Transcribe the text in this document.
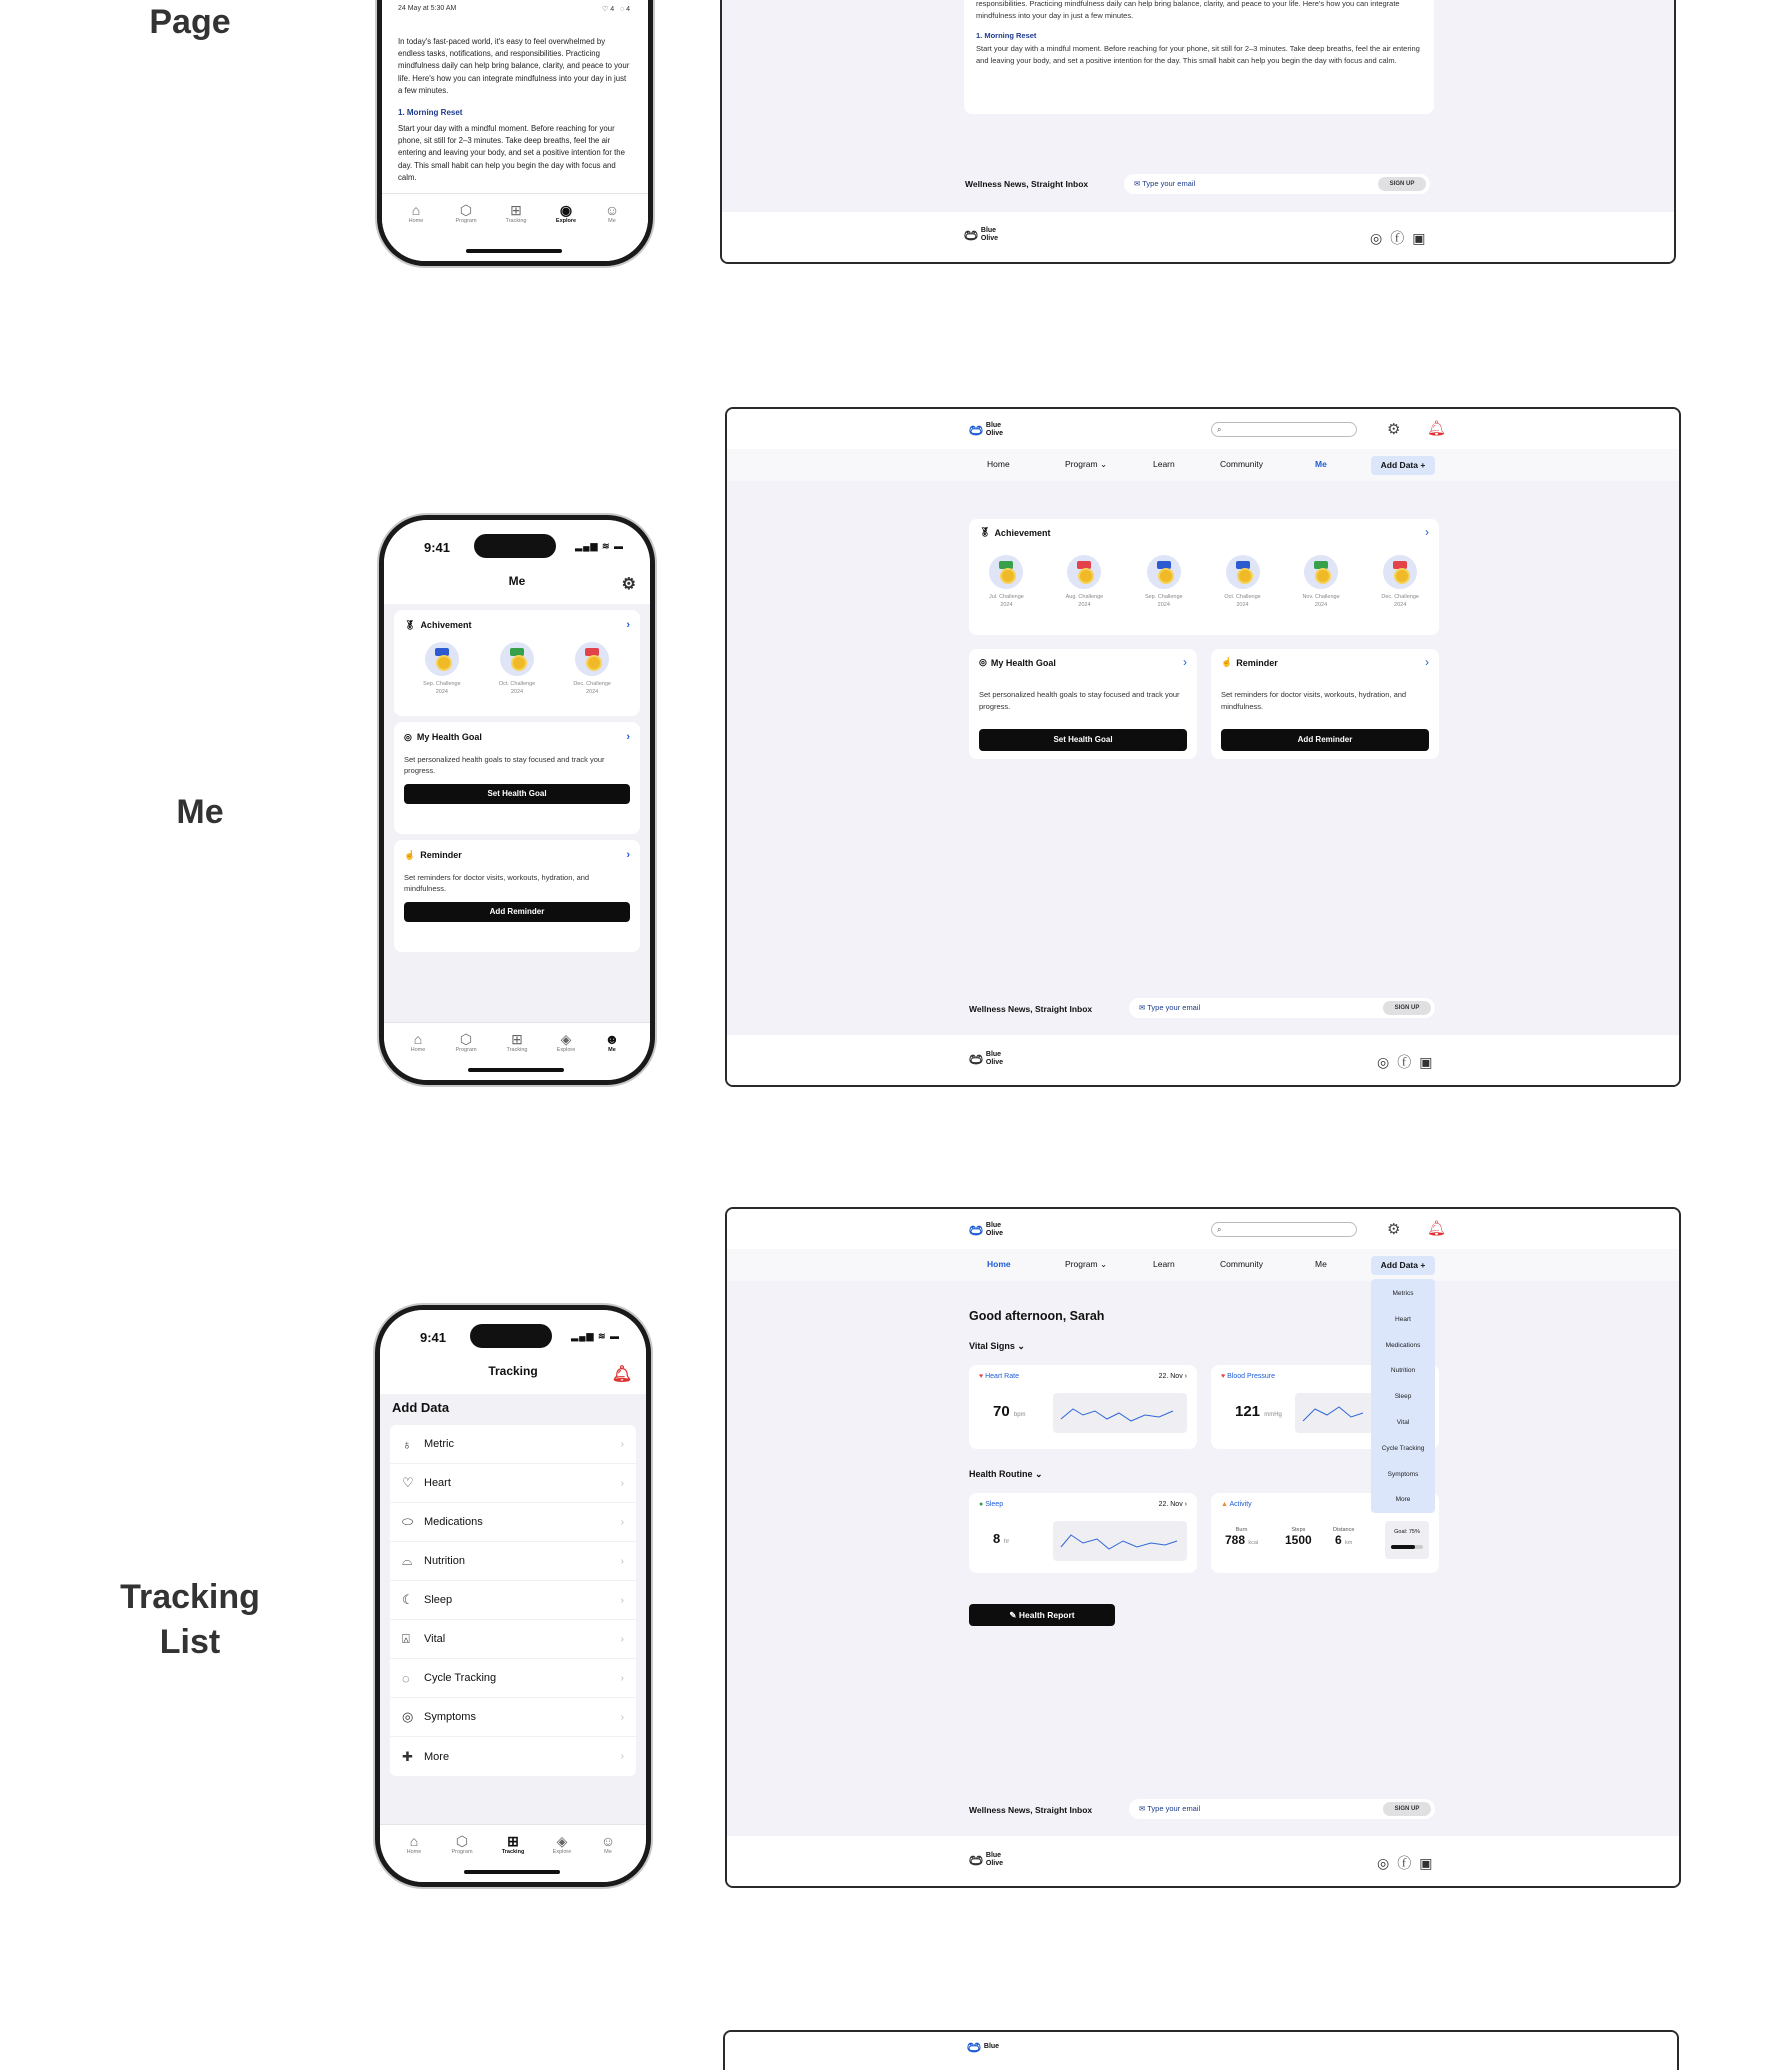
Page
Me
Tracking List
24 May at 5:30 AM	♡ 4 ◌ 4
In today's fast-paced world, it's easy to feel overwhelmed by endless tasks, notifications, and responsibilities. Practicing mindfulness daily can help bring balance, clarity, and peace to your life. Here's how you can integrate mindfulness into your day in just a few minutes.
1. Morning Reset
Start your day with a mindful moment. Before reaching for your phone, sit still for 2–3 minutes. Take deep breaths, feel the air entering and leaving your body, and set a positive intention for the day. This small habit can help you begin the day with focus and calm.
⌂
Home
⬡
Program
⊞
Tracking
◉
Explore
☺
Me
responsibilities. Practicing mindfulness daily can help bring balance, clarity, and peace to your life. Here's how you can integrate mindfulness into your day in just a few minutes.
1. Morning Reset
Start your day with a mindful moment. Before reaching for your phone, sit still for 2–3 minutes. Take deep breaths, feel the air entering and leaving your body, and set a positive intention for the day. This small habit can help you begin the day with focus and calm.
Wellness News, Straight Inbox	✉ Type your email	SIGN UP
ඏ Blue
Olive	◎ⓕ▣
9:41	▂▄▆ ≋ ▬
Me	⚙
🏅︎ Achivement	›
Sep. Challenge
2024
Oct. Challenge
2024
Dec. Challenge
2024
◎ My Health Goal	›
Set personalized health goals to stay focused and track your progress.
Set Health Goal
☝ Reminder	›
Set reminders for doctor visits, workouts, hydration, and mindfulness.
Add Reminder
⌂
Home
⬡
Program
⊞
Tracking
◈
Explore
☻
Me
ඏ Blue
Olive	⌕	⚙ 🔔︎
Home	Program ⌄	Learn	Community	Me	Add Data +
🏅︎ Achievement	›
Jul. Challenge
2024
Aug. Challenge
2024
Sep. Challenge
2024
Oct. Challenge
2024
Nov. Challenge
2024
Dec. Challenge
2024
◎ My Health Goal	›
Set personalized health goals to stay focused and track your progress.
Set Health Goal
☝ Reminder	›
Set reminders for doctor visits, workouts, hydration, and mindfulness.
Add Reminder
Wellness News, Straight Inbox	✉ Type your email	SIGN UP
ඏ Blue
Olive	◎ⓕ▣
9:41	▂▄▆ ≋ ▬
Tracking	🔔︎
Add Data
♁	Metric	›
♡ Heart	›
⬭ Medications	›
⌓	Nutrition	›
☾ Sleep	›
⍓	Vital	›
◌	Cycle Tracking	›
◎ Symptoms	›
✚	More	›
⌂
Home
⬡
Program
⊞
Tracking
◈
Explore
☺
Me
ඏ Blue
Olive	⌕	⚙ 🔔︎
Home	Program ⌄	Learn	Community	Me	Add Data +
Good afternoon, Sarah
Vital Signs ⌄
♥ Heart Rate	22. Nov ›
70 bpm
♥ Blood Pressure
121 mmHg
Health Routine ⌄
● Sleep	22. Nov ›
8 hr
▲ Activity
Burn
788 kcal
Steps
1500
Distance
6 km
Goal: 75%
✎ Health Report
Metrics
Heart
Medications
Nutrition
Sleep
Vital
Cycle Tracking
Symptoms
More
Wellness News, Straight Inbox	✉ Type your email	SIGN UP
ඏ Blue
Olive	◎ⓕ▣
ඏ Blue
